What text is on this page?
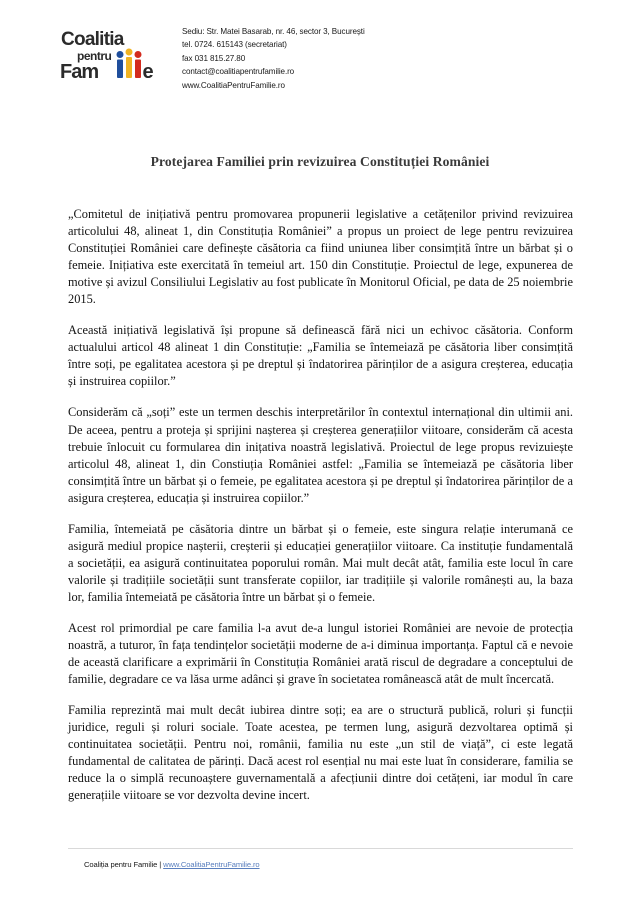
Coalitia
pentru
Fam e
Sediu: Str. Matei Basarab, nr. 46, sector 3, București
tel. 0724. 615143 (secretariat)
fax 031 815.27.80
contact@coalitiapentrufamilie.ro
www.CoalitiaPentruFamilie.ro
Protejarea Familiei prin revizuirea Constituției României

„Comitetul de inițiativă pentru promovarea propunerii legislative a cetățenilor privind revizuirea articolului 48, alineat 1, din Constituția României” a propus un proiect de lege pentru revizuirea Constituției României care definește căsătoria ca fiind uniunea liber consimțită între un bărbat și o femeie. Inițiativa este exercitată în temeiul art. 150 din Constituție. Proiectul de lege, expunerea de motive și avizul Consiliului Legislativ au fost publicate în Monitorul Oficial, pe data de 25 noiembrie 2015.

Această inițiativă legislativă își propune să definească fără nici un echivoc căsătoria. Conform actualului articol 48 alineat 1 din Constituție: „Familia se întemeiază pe căsătoria liber consimțită între soți, pe egalitatea acestora și pe dreptul și îndatorirea părinților de a asigura creșterea, educația și instruirea copiilor.”

Considerăm că „soți” este un termen deschis interpretărilor în contextul internațional din ultimii ani. De aceea, pentru a proteja și sprijini nașterea și creșterea generațiilor viitoare, considerăm că acesta trebuie înlocuit cu formularea din inițativa noastră legislativă. Proiectul de lege propus revizuiește articolul 48, alineat 1, din Constiuția României astfel: „Familia se întemeiază pe căsătoria liber consimțită între un bărbat și o femeie, pe egalitatea acestora și pe dreptul și îndatorirea părinților de a asigura creșterea, educația și instruirea copiilor.”

Familia, întemeiată pe căsătoria dintre un bărbat și o femeie, este singura relație interumană ce asigură mediul propice nașterii, creșterii și educației generațiilor viitoare. Ca instituție fundamentală a societății, ea asigură continuitatea poporului român. Mai mult decât atât, familia este locul în care valorile și tradițiile societății sunt transferate copiilor, iar tradițiile și valorile românești au, la baza lor, familia întemeiată pe căsătoria între un bărbat și o femeie.

Acest rol primordial pe care familia l-a avut de-a lungul istoriei României are nevoie de protecția noastră, a tuturor, în fața tendințelor societății moderne de a-i diminua importanța. Faptul că e nevoie de această clarificare a exprimării în Constituția României arată riscul de degradare a conceptului de familie, degradare ce va lăsa urme adânci și grave în societatea românească atât de mult încercată.

Familia reprezintă mai mult decât iubirea dintre soți; ea are o structură publică, roluri și funcții juridice, reguli și roluri sociale. Toate acestea, pe termen lung, asigură dezvoltarea optimă și continuitatea societății. Pentru noi, românii, familia nu este „un stil de viață”, ci este legată fundamental de calitatea de părinți. Dacă acest rol esențial nu mai este luat în considerare, familia se reduce la o simplă recunoaștere guvernamentală a afecțiunii dintre doi cetățeni, iar modul în care generațiile viitoare se vor dezvolta devine incert.

Coaliția pentru Familie | www.CoalitiaPentruFamilie.ro
